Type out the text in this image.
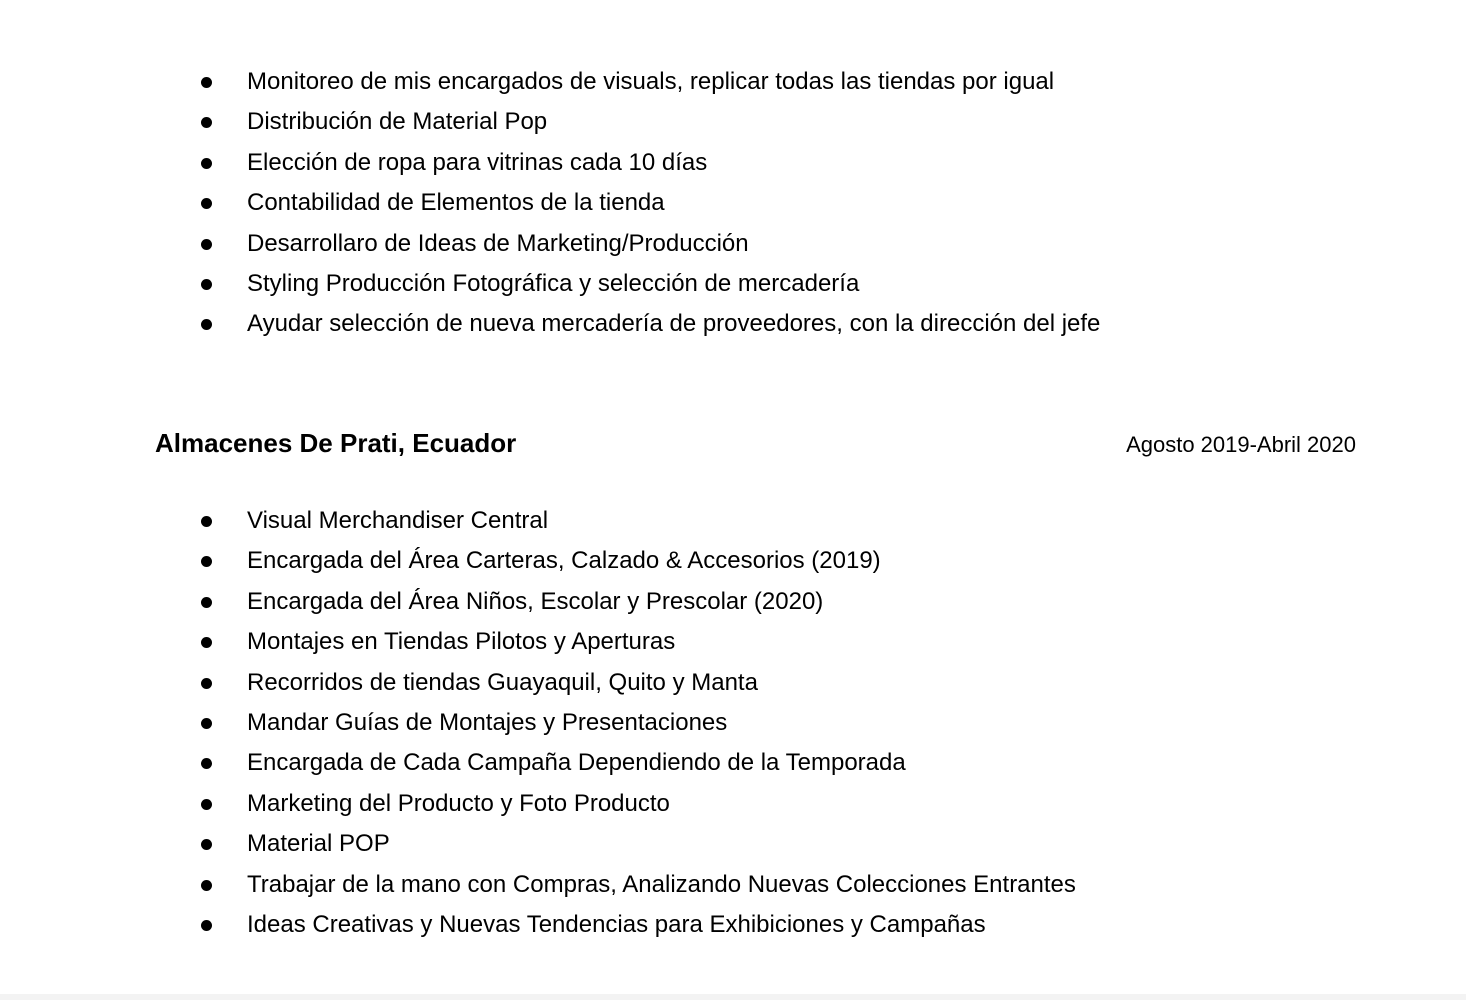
Monitoreo de mis encargados de visuals, replicar todas las tiendas por igual
Distribución de Material Pop
Elección de ropa para vitrinas cada 10 días
Contabilidad de Elementos de la tienda
Desarrollaro de Ideas de Marketing/Producción
Styling Producción Fotográfica y selección de mercadería
Ayudar selección de nueva mercadería de proveedores, con la dirección del jefe
Almacenes De Prati, Ecuador	Agosto 2019-Abril 2020
Visual Merchandiser Central
Encargada del Área Carteras, Calzado & Accesorios (2019)
Encargada del Área Niños, Escolar y Prescolar (2020)
Montajes en Tiendas Pilotos y Aperturas
Recorridos de tiendas Guayaquil, Quito y Manta
Mandar Guías de Montajes y Presentaciones
Encargada de Cada Campaña Dependiendo de la Temporada
Marketing del Producto y Foto Producto
Material POP
Trabajar de la mano con Compras, Analizando Nuevas Colecciones Entrantes
Ideas Creativas y Nuevas Tendencias para Exhibiciones y Campañas
